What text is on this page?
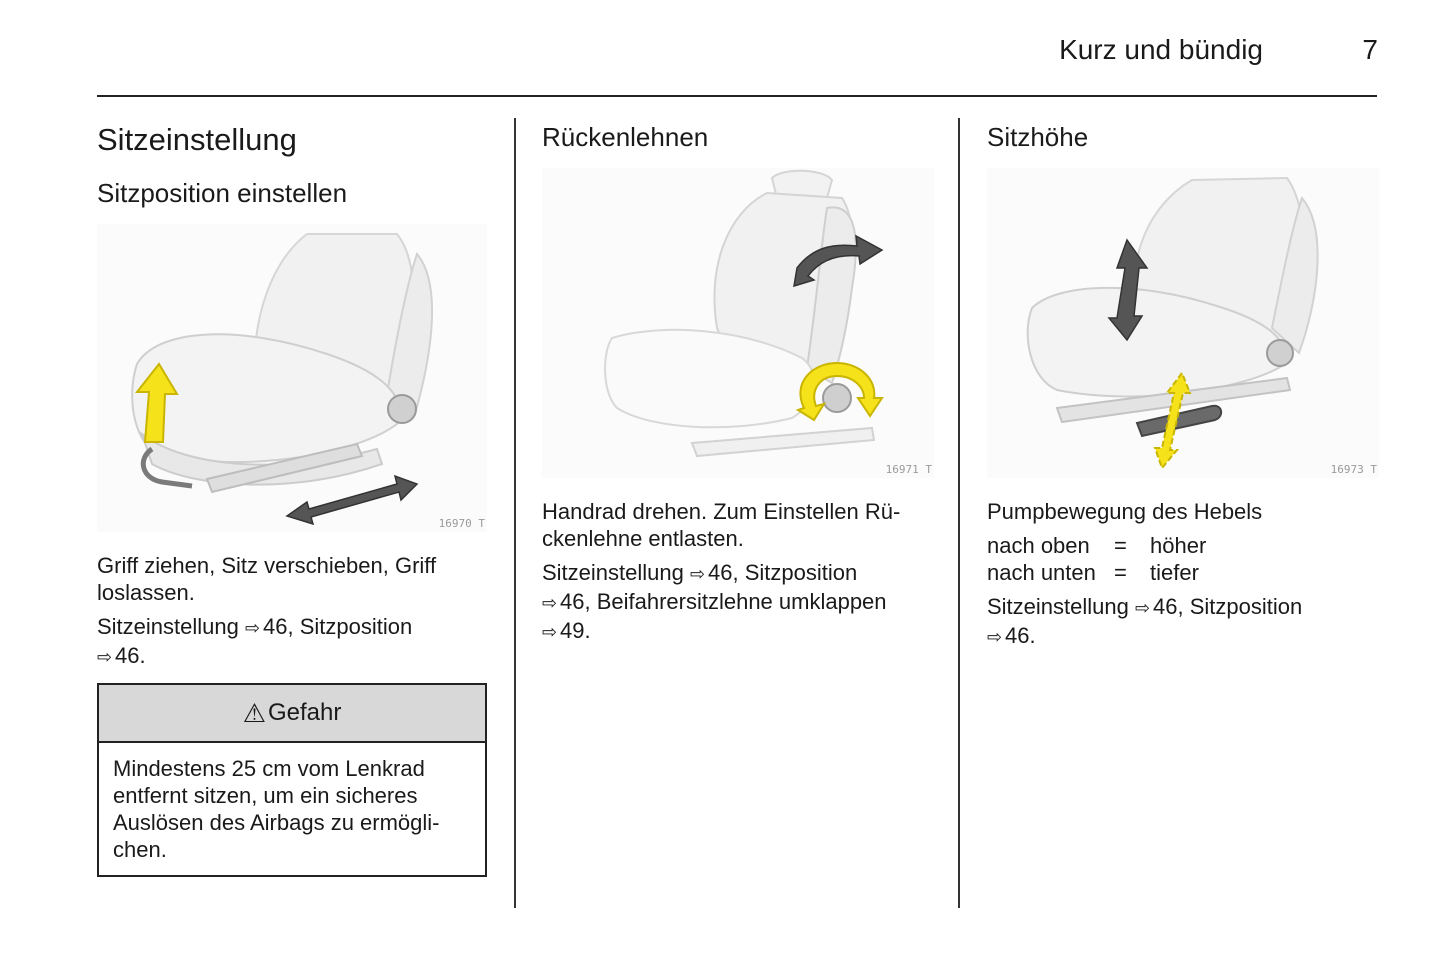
Kurz und bündig	7
Sitzeinstellung
Sitzposition einstellen
16970 T

Griff ziehen, Sitz verschieben, Griff
loslassen.

Sitzeinstellung ⇨ 46, Sitzposition
⇨ 46.

⚠ Gefahr
Mindestens 25 cm vom Lenkrad
entfernt sitzen, um ein sicheres
Auslösen des Airbags zu ermögli-
chen.
Rückenlehnen
16971 T

Handrad drehen. Zum Einstellen Rü-
ckenlehne entlasten.

Sitzeinstellung ⇨ 46, Sitzposition
⇨ 46, Beifahrersitzlehne umklappen
⇨ 49.

Sitzhöhe
16973 T

Pumpbewegung des Hebels

nach oben	=	höher
nach unten =	tiefer

Sitzeinstellung ⇨ 46, Sitzposition
⇨ 46.
